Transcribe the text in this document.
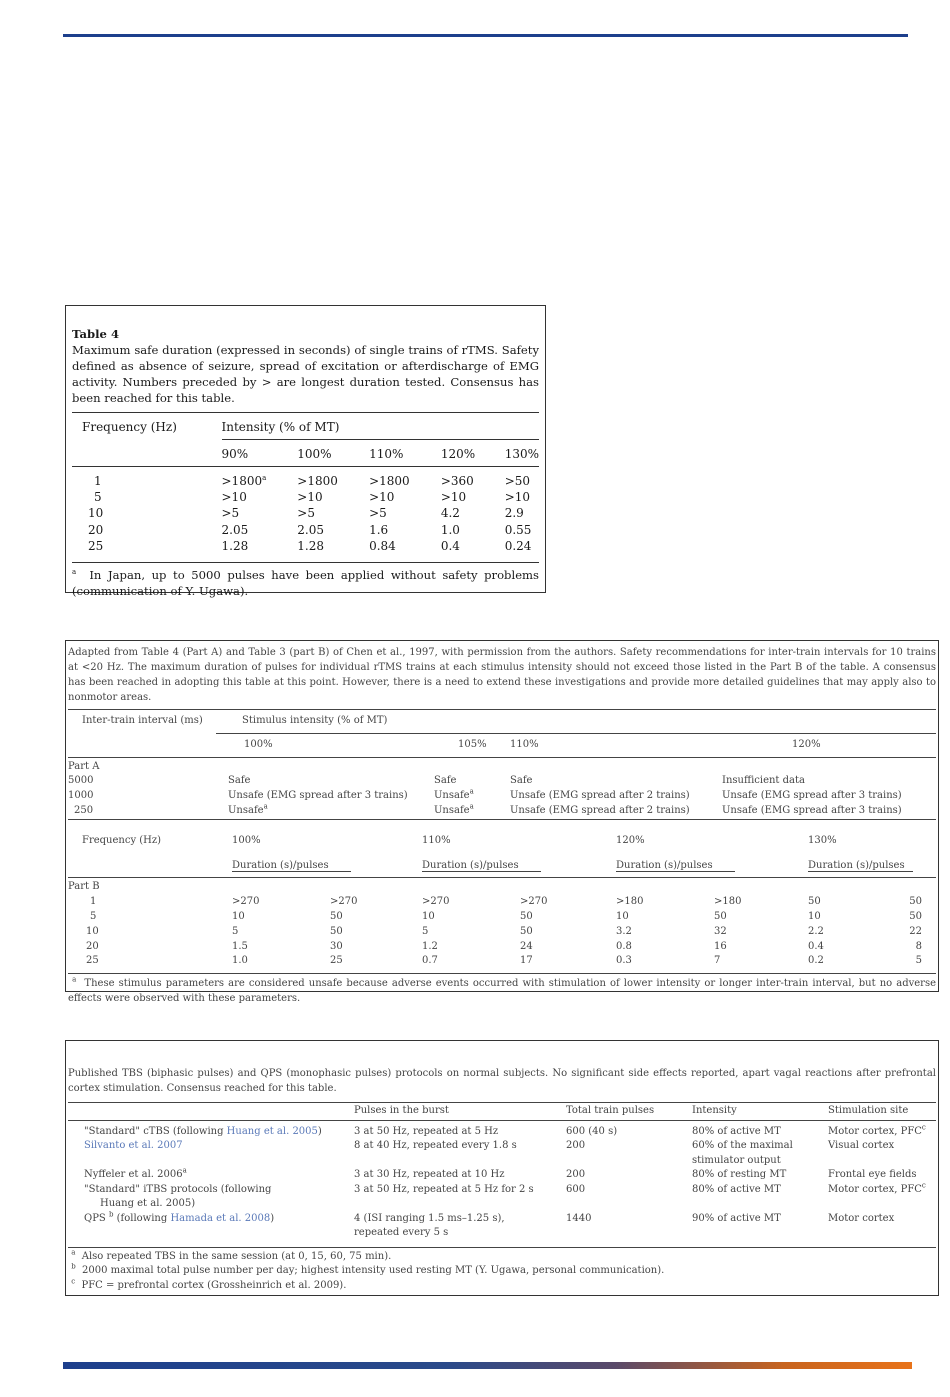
Table 4
Maximum safe duration (expressed in seconds) of single trains of rTMS. Safety defined as absence of seizure, spread of excitation or afterdischarge of EMG activity. Numbers preceded by > are longest duration tested. Consensus has been reached for this table.
Frequency (Hz)	Intensity (% of MT)				
	90%	100%	110%	120%	130%
1	$>1800^a$	>1800	>1800	>360	>50
5	>10	>10	>10	>10	>10
10	>5	>5	>5	4.2	2.9
20	2.05	2.05	1.6	1.0	0.55
25	1.28	1.28	0.84	0.4	0.24
$^a$ In Japan, up to 5000 pulses have been applied without safety problems (communication of Y. Ugawa).
Adapted from Table 4 (Part A) and Table 3 (part B) of Chen et al., 1997, with permission from the authors. Safety recommendations for inter-train intervals for 10 trains at <20 Hz. The maximum duration of pulses for individual rTMS trains at each stimulus intensity should not exceed those listed in the Part B of the table. A consensus has been reached in adopting this table at this point. However, there is a need to extend these investigations and provide more detailed guidelines that may apply also to nonmotor areas.
Inter-train interval (ms)	Stimulus intensity (% of MT)							
	100%		105%	110%		120%		
Part A								
5000	Safe		Safe	Safe		Insufficient data		
1000	Unsafe (EMG spread after 3 trains)		Unsafe$^a$	Unsafe (EMG spread after 2 trains)		Unsafe (EMG spread after 3 trains)		
250	Unsafe$^a$		Unsafe$^a$	Unsafe (EMG spread after 2 trains)		Unsafe (EMG spread after 3 trains)		
Frequency (Hz)	100%		110%		120%		130%	
	Duration (s)/pulses		Duration (s)/pulses		Duration (s)/pulses		Duration (s)/pulses	
Part B								
1	>270	>270	>270	>270	>180	>180	50	50
5	10	50	10	50	10	50	10	50
10	5	50	5	50	3.2	32	2.2	22
20	1.5	30	1.2	24	0.8	16	0.4	8
25	1.0	25	0.7	17	0.3	7	0.2	5
$^a$ These stimulus parameters are considered unsafe because adverse events occurred with stimulation of lower intensity or longer inter-train interval, but no adverse effects were observed with these parameters.
Published TBS (biphasic pulses) and QPS (monophasic pulses) protocols on normal subjects. No significant side effects reported, apart vagal reactions after prefrontal cortex stimulation. Consensus reached for this table.
	Pulses in the burst	Total train pulses	Intensity	Stimulation site
"Standard" cTBS (following Huang et al. 2005)	3 at 50 Hz, repeated at 5 Hz	600 (40 s)	80% of active MT	Motor cortex, PFC$^c$
Silvanto et al. 2007	8 at 40 Hz, repeated every 1.8 s	200	60% of the maximal stimulator output	Visual cortex
Nyffeler et al. 2006$^a$	3 at 30 Hz, repeated at 10 Hz	200	80% of resting MT	Frontal eye fields
"Standard" iTBS protocols (following
Huang et al. 2005)	3 at 50 Hz, repeated at 5 Hz for 2 s	600	80% of active MT	Motor cortex, PFC$^c$
QPS $^b$ (following Hamada et al. 2008)	4 (ISI ranging 1.5 ms–1.25 s), repeated every 5 s	1440	90% of active MT	Motor cortex
$^a$ Also repeated TBS in the same session (at 0, 15, 60, 75 min).
$^b$ 2000 maximal total pulse number per day; highest intensity used resting MT (Y. Ugawa, personal communication).
$^c$ PFC = prefrontal cortex (Grossheinrich et al. 2009).
